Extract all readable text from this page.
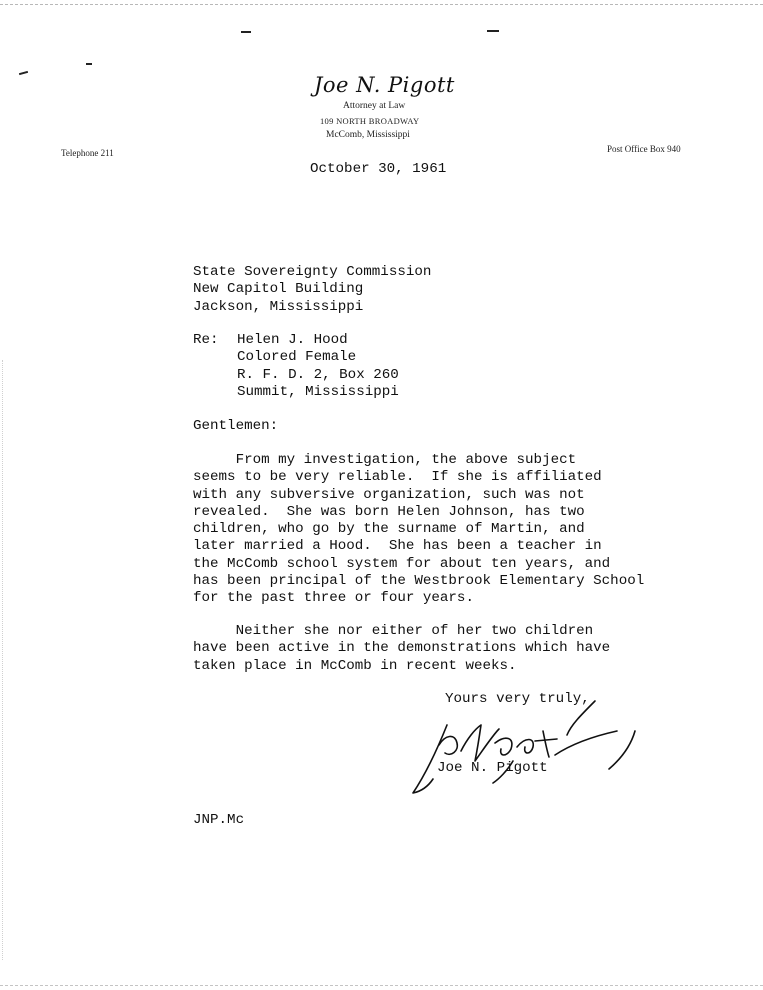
Joe N. Pigott
Attorney at Law
109 NORTH BROADWAY
McComb, Mississippi
Telephone 211	Post Office Box 940
October 30, 1961
State Sovereignty Commission
New Capitol Building
Jackson, Mississippi
Re: Helen J. Hood
Colored Female
R. F. D. 2, Box 260
Summit, Mississippi
Gentlemen:
From my investigation, the above subject
seems to be very reliable.  If she is affiliated
with any subversive organization, such was not
revealed.  She was born Helen Johnson, has two
children, who go by the surname of Martin, and
later married a Hood.  She has been a teacher in
the McComb school system for about ten years, and
has been principal of the Westbrook Elementary School
for the past three or four years.
Neither she nor either of her two children
have been active in the demonstrations which have
taken place in McComb in recent weeks.
Yours very truly,
Joe N. Pigott
JNP.Mc
